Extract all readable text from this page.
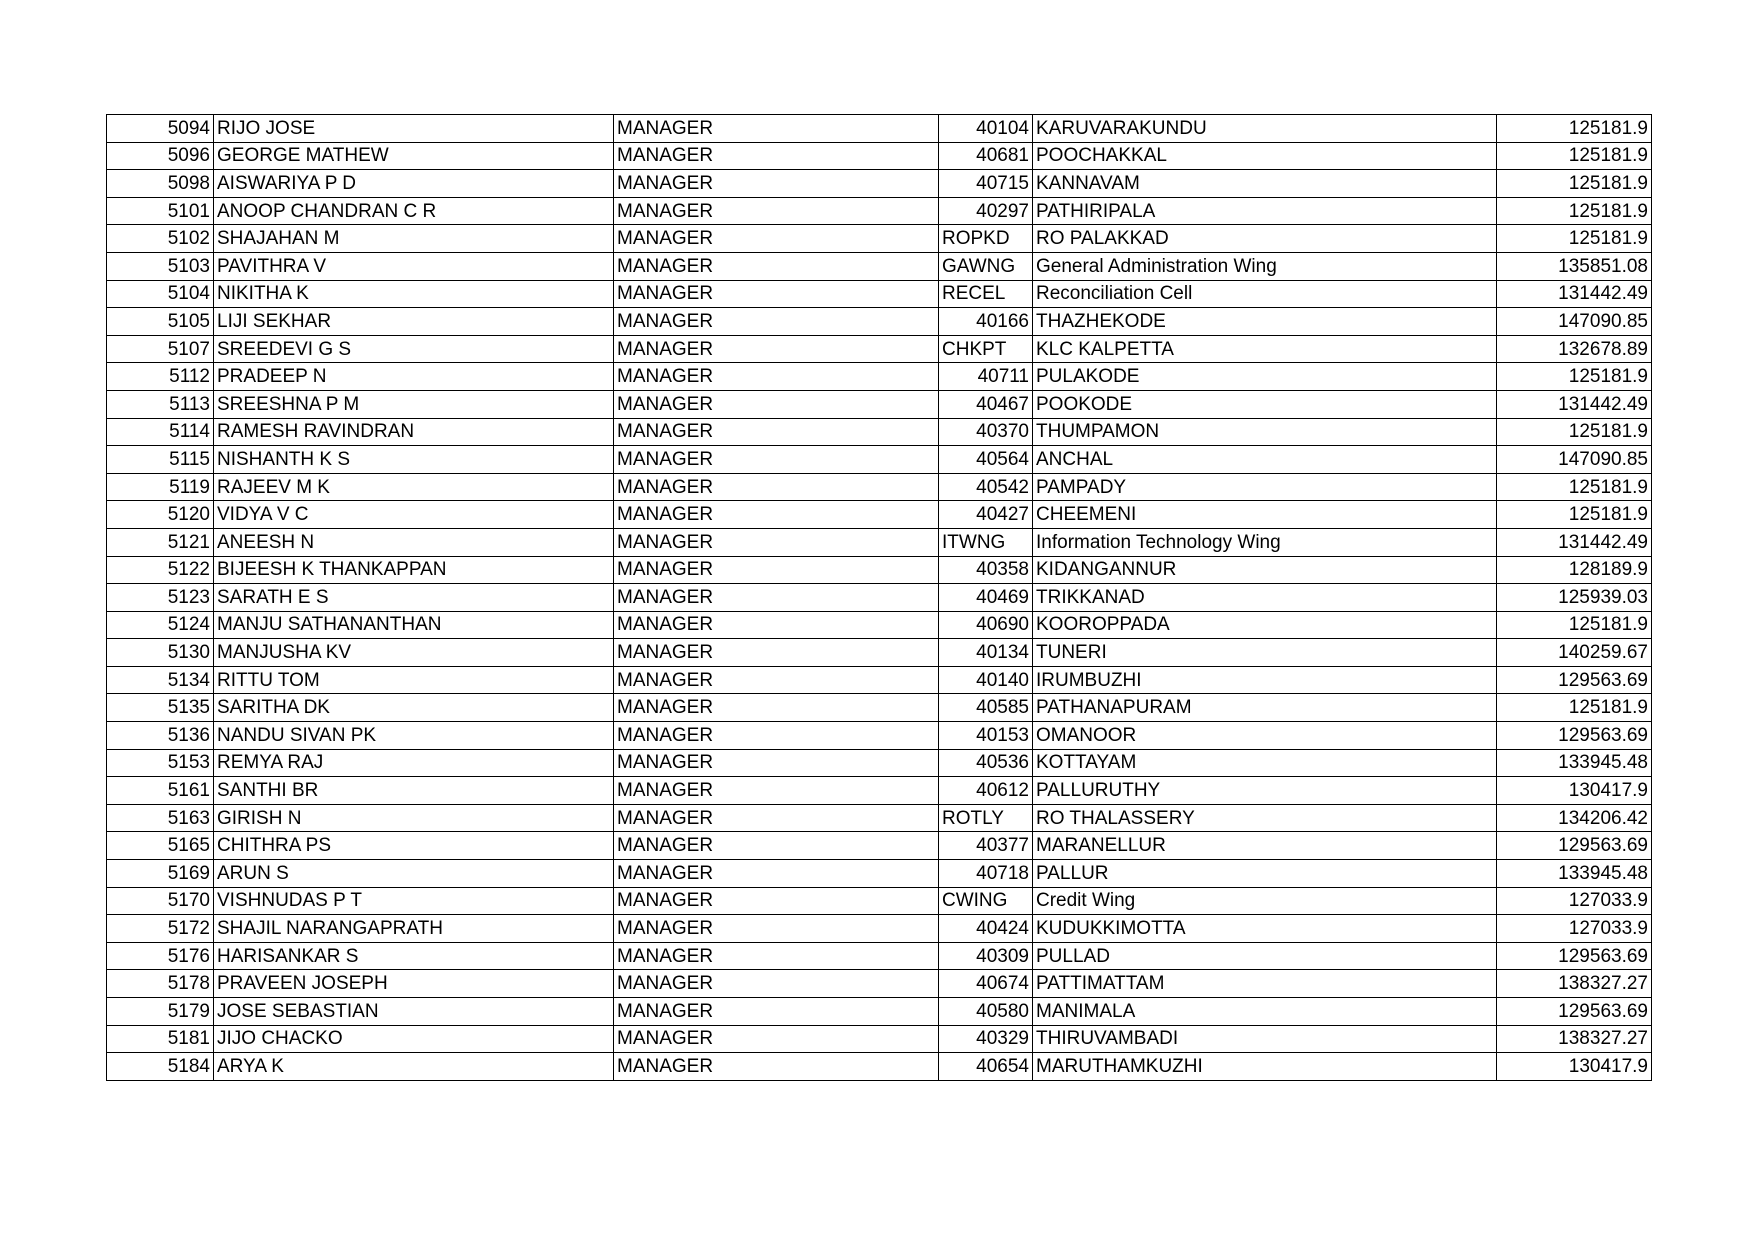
5094	RIJO JOSE	MANAGER	40104	KARUVARAKUNDU	125181.9
5096	GEORGE MATHEW	MANAGER	40681	POOCHAKKAL	125181.9
5098	AISWARIYA P D	MANAGER	40715	KANNAVAM	125181.9
5101	ANOOP CHANDRAN C R	MANAGER	40297	PATHIRIPALA	125181.9
5102	SHAJAHAN M	MANAGER	ROPKD	RO PALAKKAD	125181.9
5103	PAVITHRA V	MANAGER	GAWNG	General Administration Wing	135851.08
5104	NIKITHA K	MANAGER	RECEL	Reconciliation Cell	131442.49
5105	LIJI SEKHAR	MANAGER	40166	THAZHEKODE	147090.85
5107	SREEDEVI G S	MANAGER	CHKPT	KLC KALPETTA	132678.89
5112	PRADEEP N	MANAGER	40711	PULAKODE	125181.9
5113	SREESHNA P M	MANAGER	40467	POOKODE	131442.49
5114	RAMESH RAVINDRAN	MANAGER	40370	THUMPAMON	125181.9
5115	NISHANTH K S	MANAGER	40564	ANCHAL	147090.85
5119	RAJEEV M K	MANAGER	40542	PAMPADY	125181.9
5120	VIDYA V C	MANAGER	40427	CHEEMENI	125181.9
5121	ANEESH N	MANAGER	ITWNG	Information Technology Wing	131442.49
5122	BIJEESH K THANKAPPAN	MANAGER	40358	KIDANGANNUR	128189.9
5123	SARATH E S	MANAGER	40469	TRIKKANAD	125939.03
5124	MANJU SATHANANTHAN	MANAGER	40690	KOOROPPADA	125181.9
5130	MANJUSHA KV	MANAGER	40134	TUNERI	140259.67
5134	RITTU TOM	MANAGER	40140	IRUMBUZHI	129563.69
5135	SARITHA DK	MANAGER	40585	PATHANAPURAM	125181.9
5136	NANDU SIVAN PK	MANAGER	40153	OMANOOR	129563.69
5153	REMYA RAJ	MANAGER	40536	KOTTAYAM	133945.48
5161	SANTHI BR	MANAGER	40612	PALLURUTHY	130417.9
5163	GIRISH N	MANAGER	ROTLY	RO THALASSERY	134206.42
5165	CHITHRA PS	MANAGER	40377	MARANELLUR	129563.69
5169	ARUN S	MANAGER	40718	PALLUR	133945.48
5170	VISHNUDAS P T	MANAGER	CWING	Credit Wing	127033.9
5172	SHAJIL NARANGAPRATH	MANAGER	40424	KUDUKKIMOTTA	127033.9
5176	HARISANKAR S	MANAGER	40309	PULLAD	129563.69
5178	PRAVEEN JOSEPH	MANAGER	40674	PATTIMATTAM	138327.27
5179	JOSE SEBASTIAN	MANAGER	40580	MANIMALA	129563.69
5181	JIJO CHACKO	MANAGER	40329	THIRUVAMBADI	138327.27
5184	ARYA K	MANAGER	40654	MARUTHAMKUZHI	130417.9
